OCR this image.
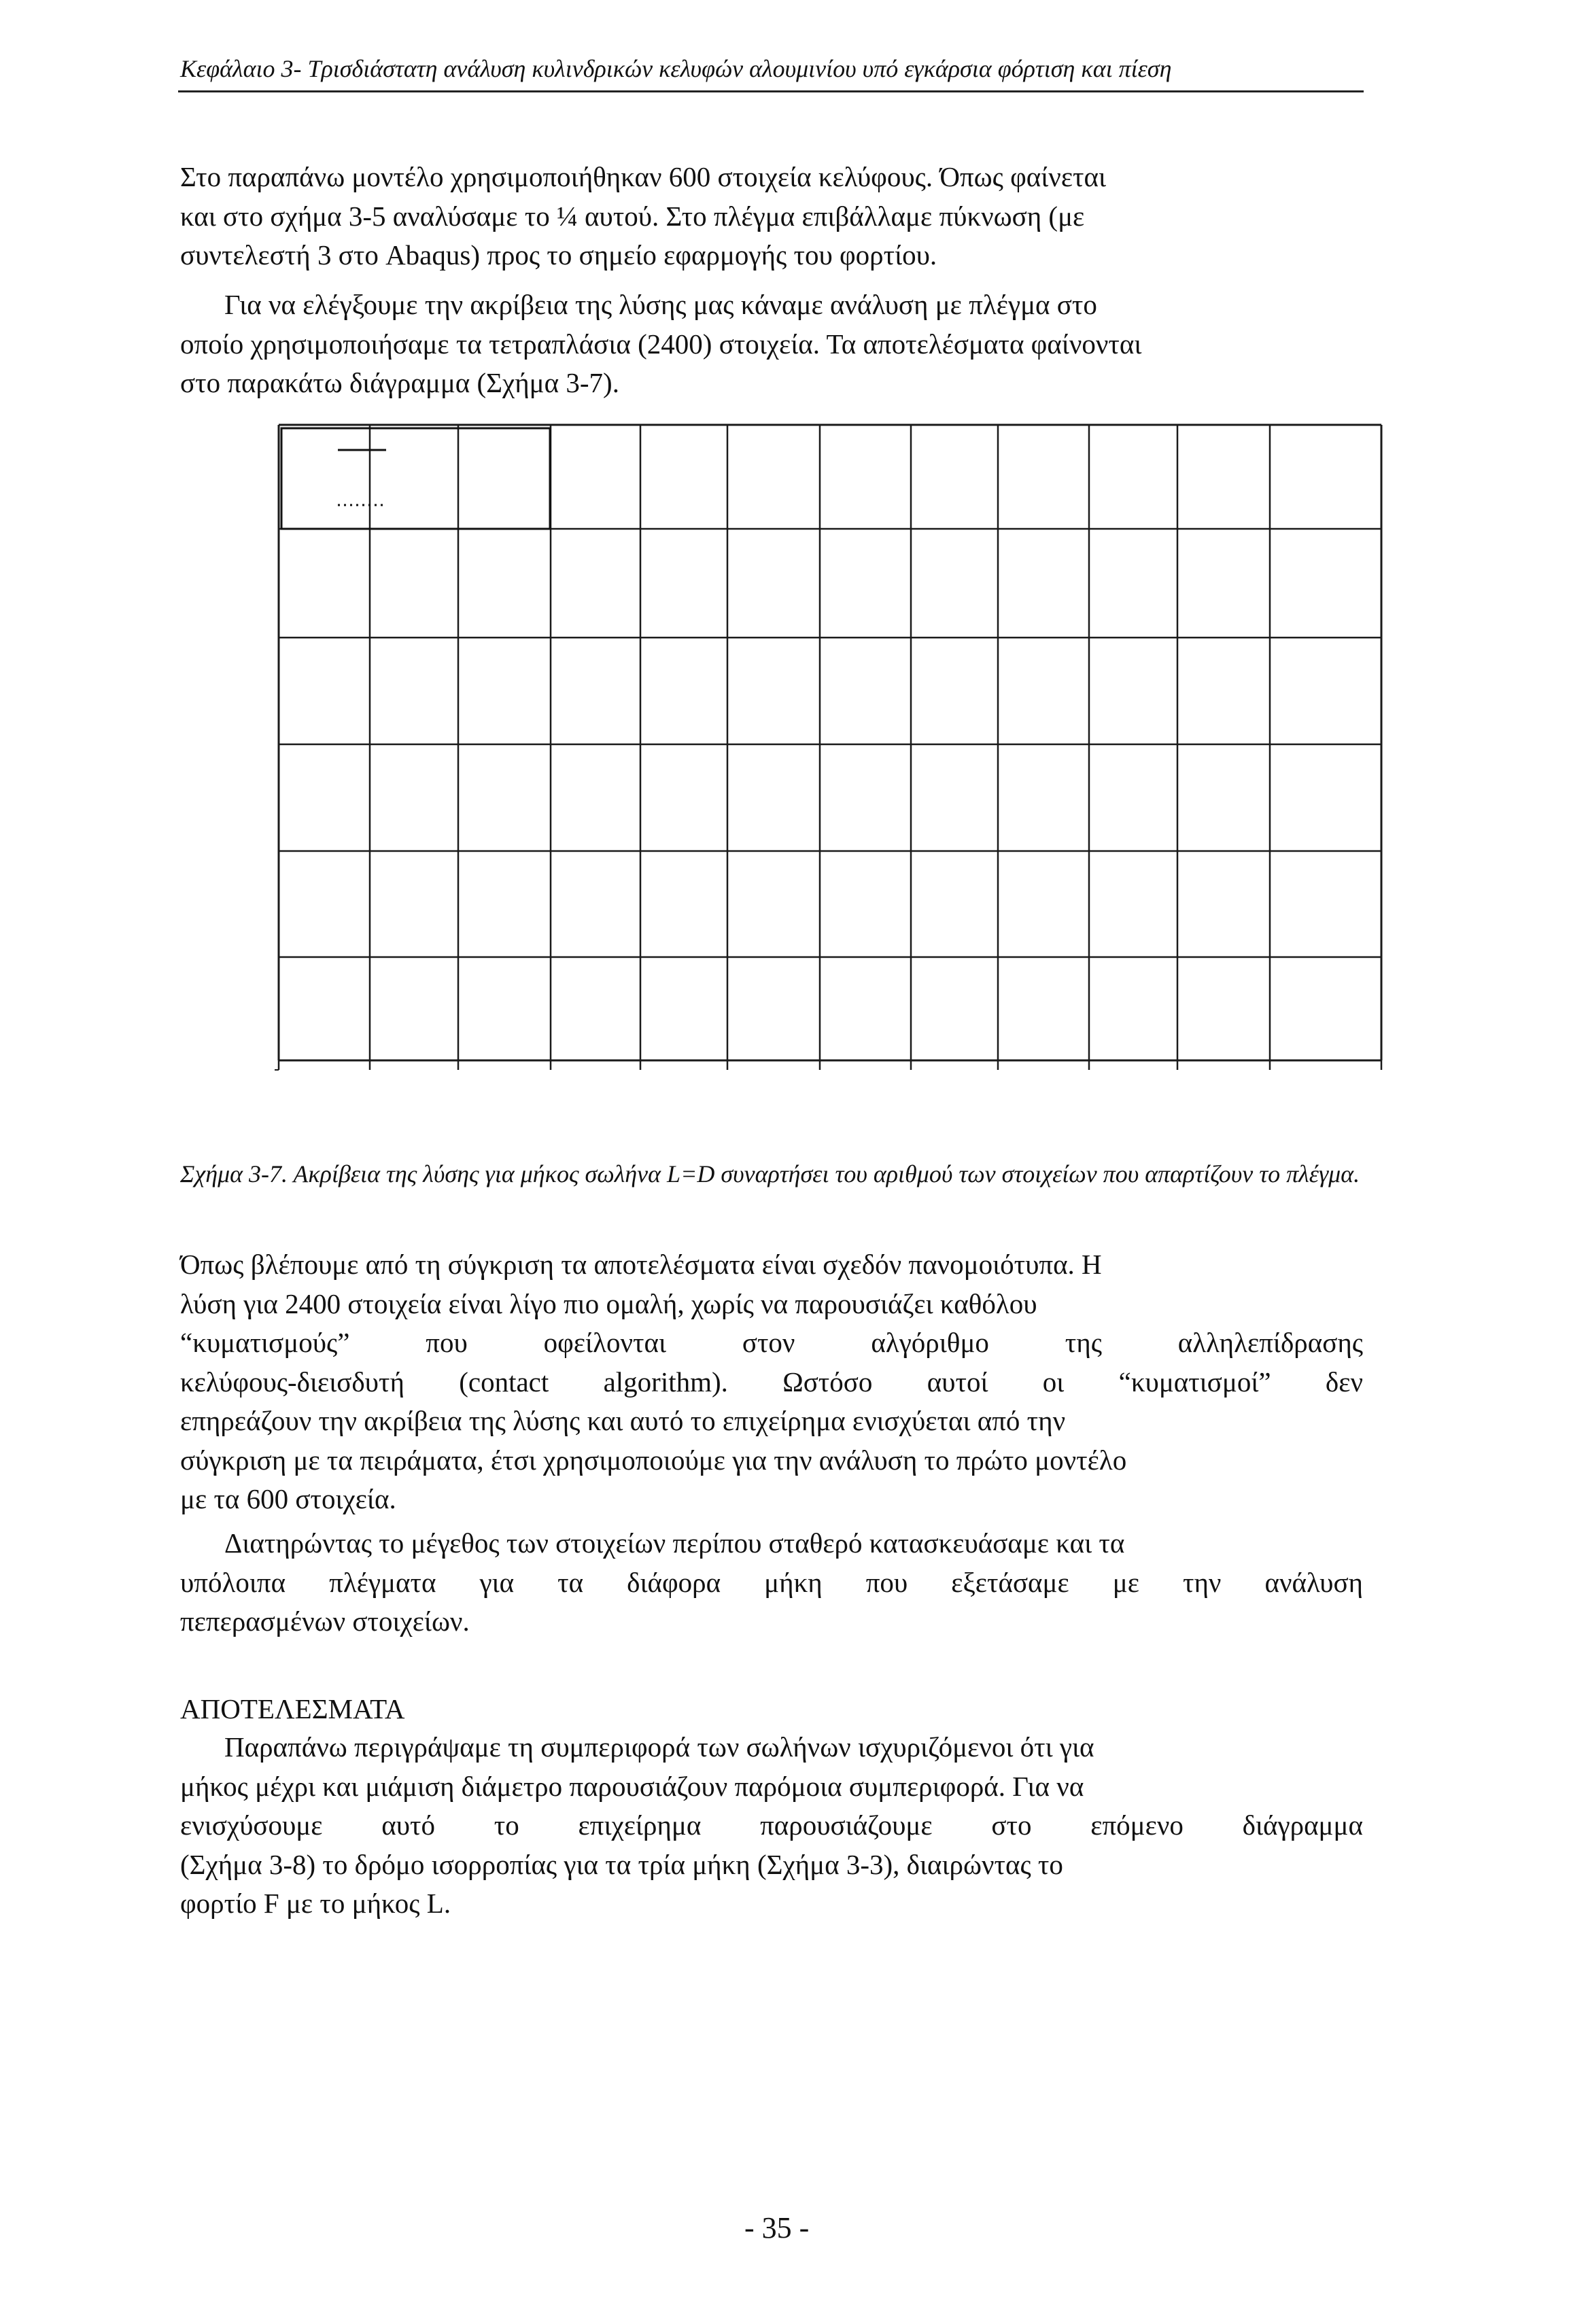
Κεφάλαιο 3- Τρισδιάστατη ανάλυση κυλινδρικών κελυφών αλουμινίου υπό εγκάρσια φόρτιση και πίεση
Στο παραπάνω μοντέλο χρησιμοποιήθηκαν 600 στοιχεία κελύφους. Όπως φαίνεται
και στο σχήμα 3-5 αναλύσαμε το ¼ αυτού. Στο πλέγμα επιβάλλαμε πύκνωση (με
συντελεστή 3 στο Abaqus) προς το σημείο εφαρμογής του φορτίου.
Για να ελέγξουμε την ακρίβεια της λύσης μας κάναμε ανάλυση με πλέγμα στο
οποίο χρησιμοποιήσαμε τα τετραπλάσια (2400) στοιχεία. Τα αποτελέσματα φαίνονται
στο παρακάτω διάγραμμα (Σχήμα 3-7).
Σχήμα 3-7. Ακρίβεια της λύσης για μήκος σωλήνα L=D συναρτήσει του αριθμού των στοιχείων που απαρτίζουν το πλέγμα.
Όπως βλέπουμε από τη σύγκριση τα αποτελέσματα είναι σχεδόν πανομοιότυπα. Η
λύση για 2400 στοιχεία είναι λίγο πιο ομαλή, χωρίς να παρουσιάζει καθόλου
“κυματισμούς” που οφείλονται στον αλγόριθμο της αλληλεπίδρασης
κελύφους-διεισδυτή (contact algorithm). Ωστόσο αυτοί οι “κυματισμοί” δεν
επηρεάζουν την ακρίβεια της λύσης και αυτό το επιχείρημα ενισχύεται από την
σύγκριση με τα πειράματα, έτσι χρησιμοποιούμε για την ανάλυση το πρώτο μοντέλο
με τα 600 στοιχεία.
Διατηρώντας το μέγεθος των στοιχείων περίπου σταθερό κατασκευάσαμε και τα
υπόλοιπα πλέγματα για τα διάφορα μήκη που εξετάσαμε με την ανάλυση
πεπερασμένων στοιχείων.
ΑΠΟΤΕΛΕΣΜΑΤΑ
Παραπάνω περιγράψαμε τη συμπεριφορά των σωλήνων ισχυριζόμενοι ότι για
μήκος μέχρι και μιάμιση διάμετρο παρουσιάζουν παρόμοια συμπεριφορά. Για να
ενισχύσουμε αυτό το επιχείρημα παρουσιάζουμε στο επόμενο διάγραμμα
(Σχήμα 3-8) το δρόμο ισορροπίας για τα τρία μήκη (Σχήμα 3-3), διαιρώντας το
φορτίο F με το μήκος L.
- 35 -
